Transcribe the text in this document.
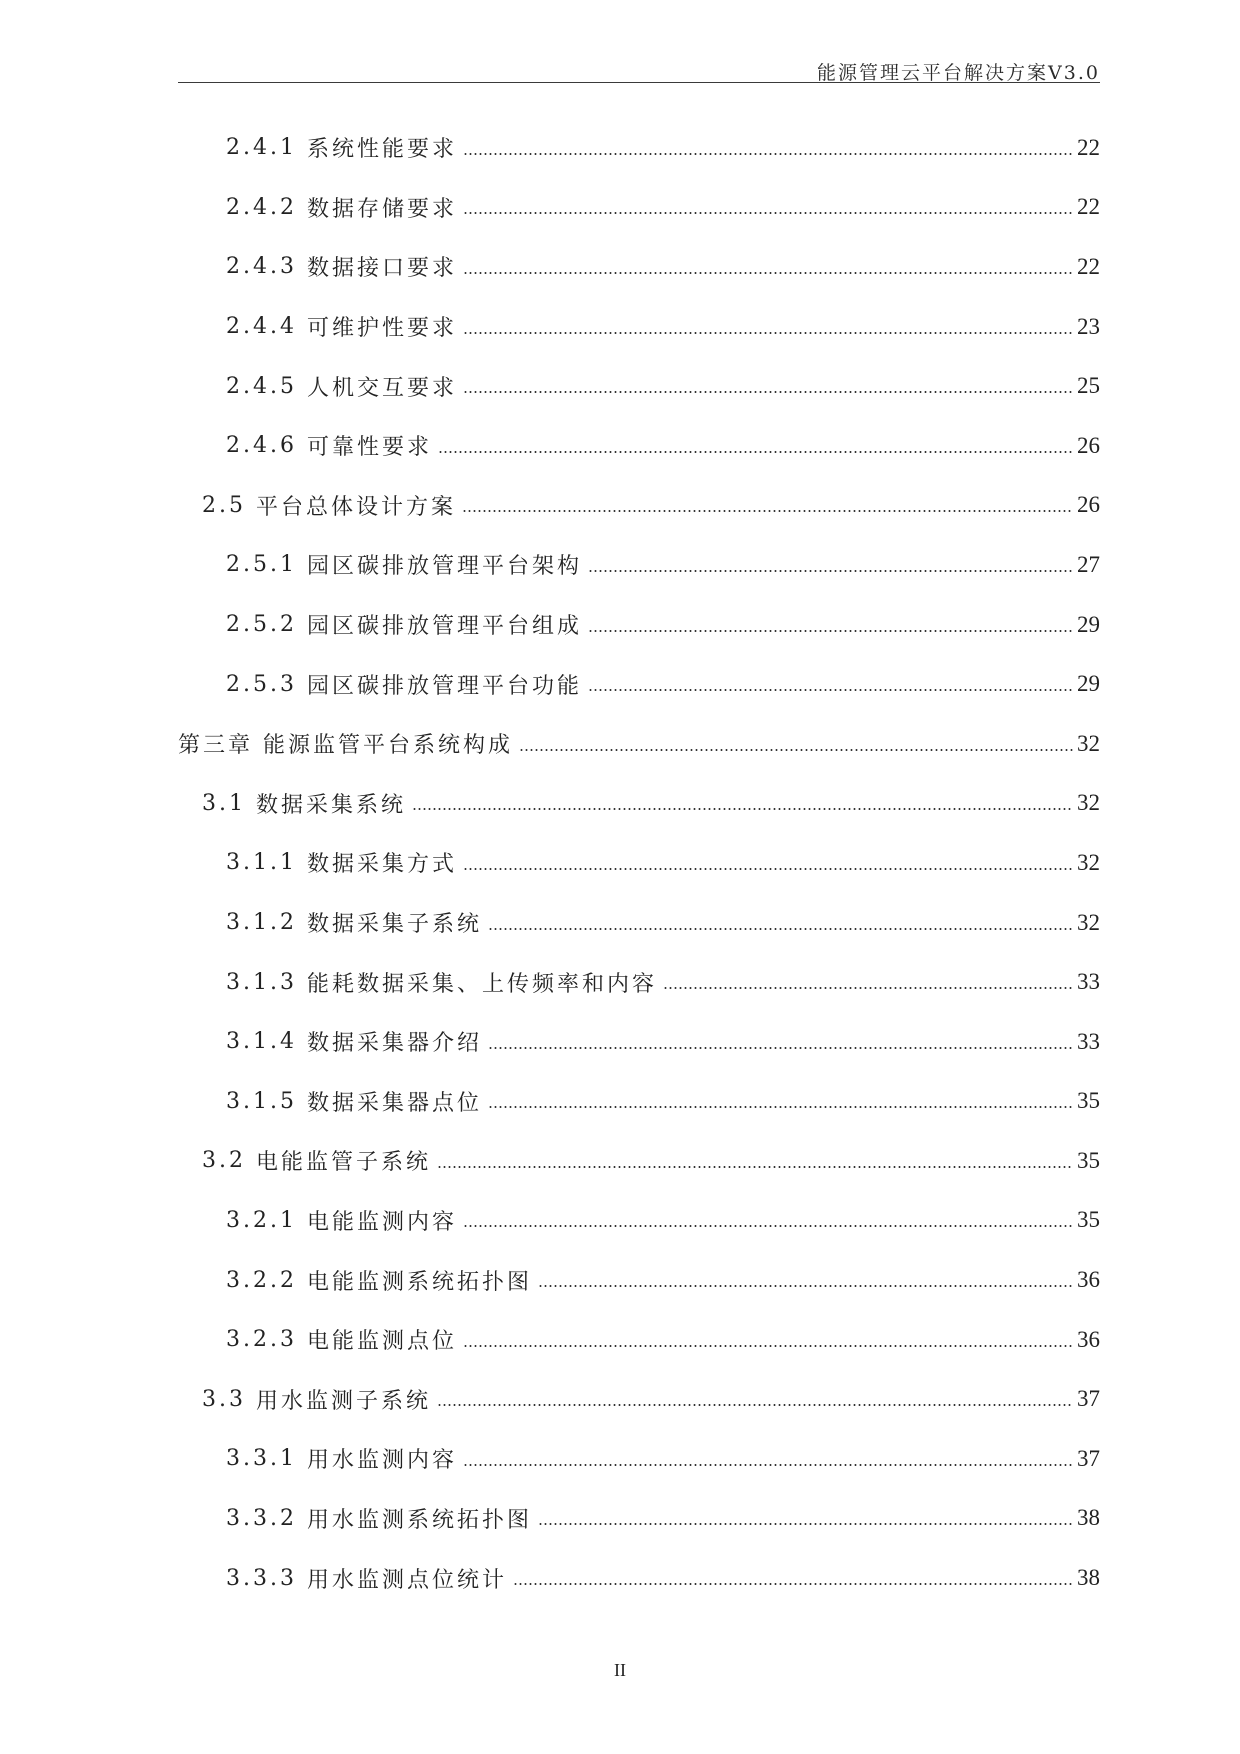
能源管理云平台解决方案V3.0
2.4.1 系统性能要求	22
2.4.2 数据存储要求	22
2.4.3 数据接口要求	22
2.4.4 可维护性要求	23
2.4.5 人机交互要求	25
2.4.6 可靠性要求	26
2.5 平台总体设计方案	26
2.5.1 园区碳排放管理平台架构	27
2.5.2 园区碳排放管理平台组成	29
2.5.3 园区碳排放管理平台功能	29
第三章 能源监管平台系统构成	32
3.1 数据采集系统	32
3.1.1 数据采集方式	32
3.1.2 数据采集子系统	32
3.1.3 能耗数据采集、上传频率和内容	33
3.1.4 数据采集器介绍	33
3.1.5 数据采集器点位	35
3.2 电能监管子系统	35
3.2.1 电能监测内容	35
3.2.2 电能监测系统拓扑图	36
3.2.3 电能监测点位	36
3.3 用水监测子系统	37
3.3.1 用水监测内容	37
3.3.2 用水监测系统拓扑图	38
3.3.3 用水监测点位统计	38
II
